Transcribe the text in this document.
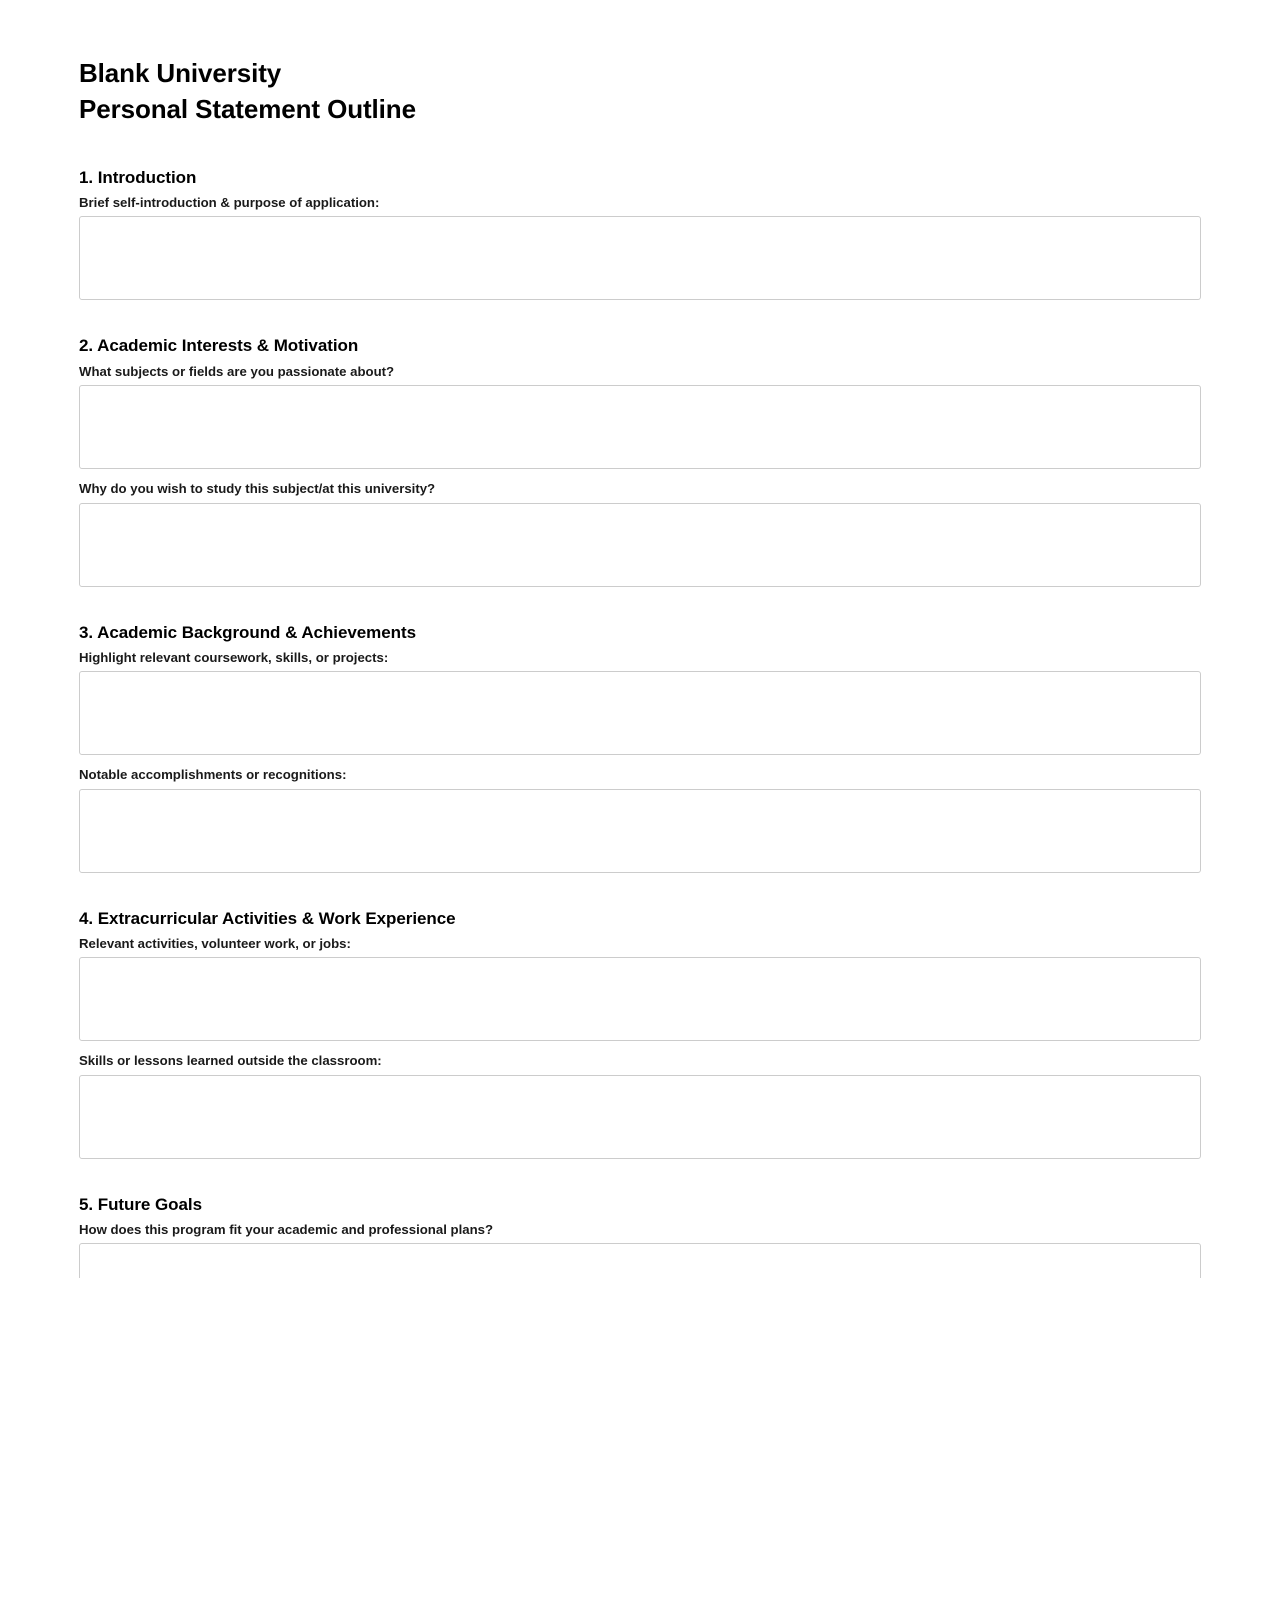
Blank University
Personal Statement Outline
1. Introduction
Brief self-introduction & purpose of application:
2. Academic Interests & Motivation
What subjects or fields are you passionate about?
Why do you wish to study this subject/at this university?
3. Academic Background & Achievements
Highlight relevant coursework, skills, or projects:
Notable accomplishments or recognitions:
4. Extracurricular Activities & Work Experience
Relevant activities, volunteer work, or jobs:
Skills or lessons learned outside the classroom:
5. Future Goals
How does this program fit your academic and professional plans?
